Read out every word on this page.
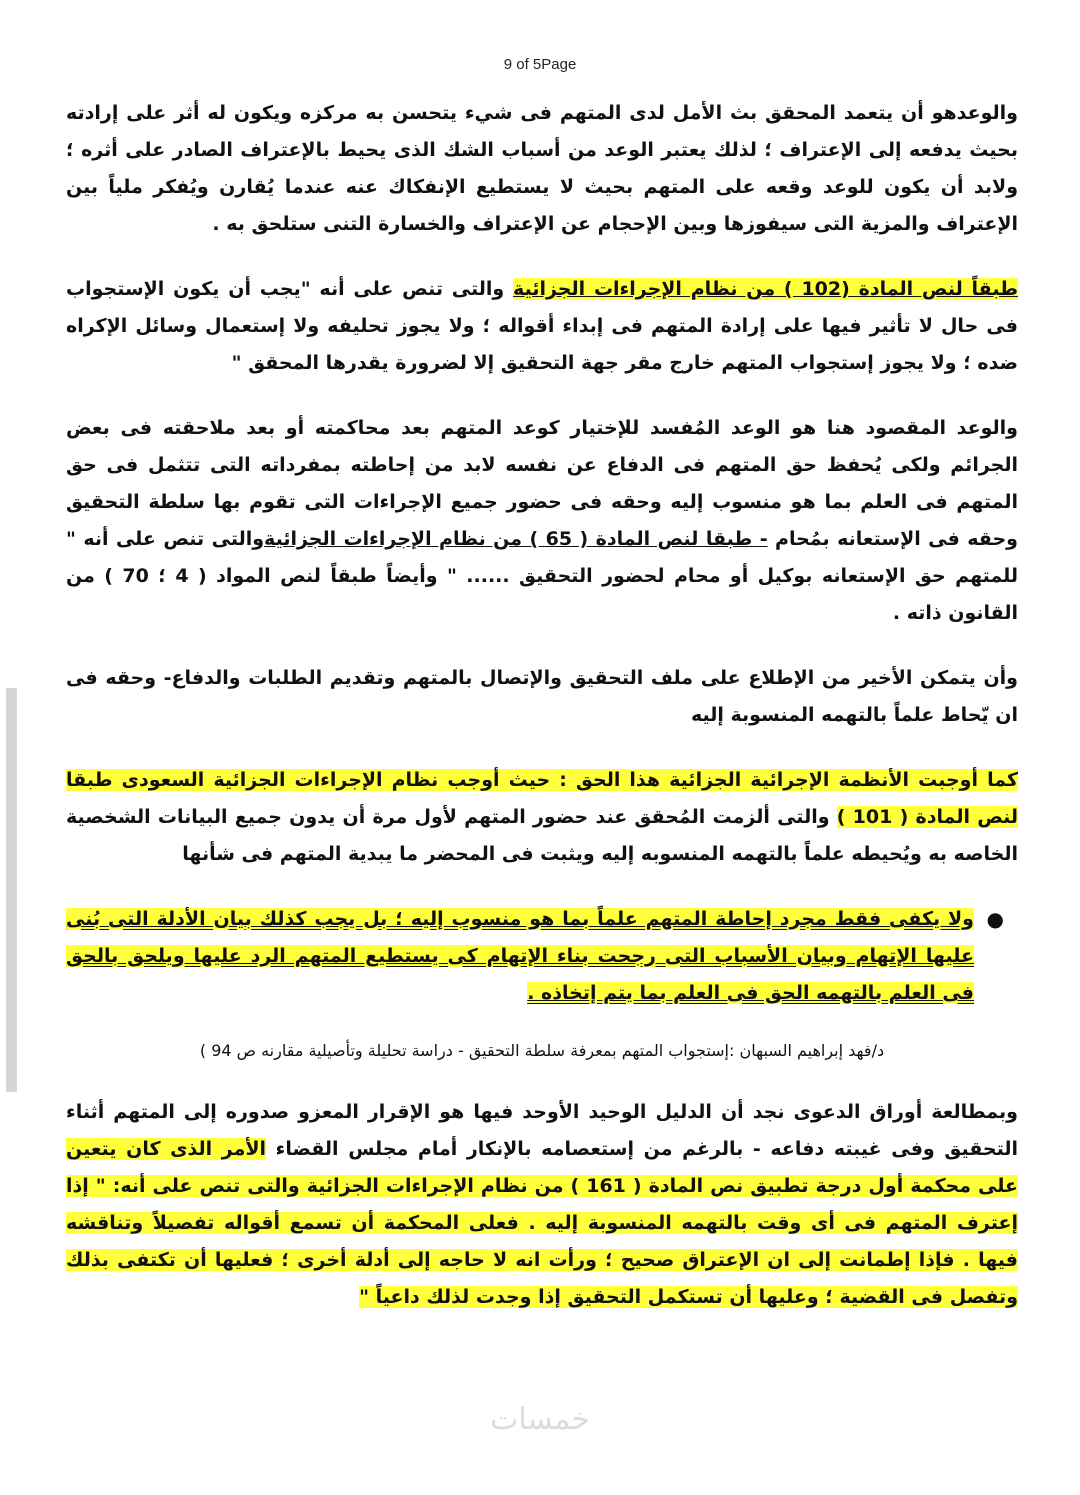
9 of 5Page

والوعدهو أن يتعمد المحقق بث الأمل لدى المتهم فى شيء يتحسن به مركزه ويكون له أثر على إرادته بحيث يدفعه إلى الإعتراف ؛ لذلك يعتبر الوعد من أسباب الشك الذى يحيط بالإعتراف الصادر على أثره ؛ ولابد أن يكون للوعد وقعه على المتهم بحيث لا يستطيع الإنفكاك عنه عندما يُقارن ويُفكر ملياً بين الإعتراف والمزية التى سيفوزها وبين الإحجام عن الإعتراف والخسارة التنى ستلحق به .

طبقاً لنص المادة (102 ) من نظام الإجراءات الجزائية والتى تنص على أنه "يجب أن يكون الإستجواب فى حال لا تأثير فيها على إرادة المتهم فى إبداء أقواله ؛ ولا يجوز تحليفه ولا إستعمال وسائل الإكراه ضده ؛ ولا يجوز إستجواب المتهم خارج مقر جهة التحقيق إلا لضرورة يقدرها المحقق "

والوعد المقصود هنا هو الوعد المُفسد للإختيار كوعد المتهم بعد محاكمته أو بعد ملاحقته فى بعض الجرائم ولكى يُحفظ حق المتهم فى الدفاع عن نفسه لابد من إحاطته بمفرداته التى تتثمل فى حق المتهم فى العلم بما هو منسوب إليه وحقه فى حضور جميع الإجراءات التى تقوم بها سلطة التحقيق وحقه فى الإستعانه بمُحام - طبقا لنص المادة ( 65 ) من نظام الإجراءات الجزائيةوالتى تنص على أنه " للمتهم حق الإستعانه بوكيل أو محام لحضور التحقيق ...... " وأيضاً طبقاً لنص المواد ( 4 ؛ 70 ) من القانون ذاته .

وأن يتمكن الأخير من الإطلاع على ملف التحقيق والإتصال بالمتهم وتقديم الطلبات والدفاع- وحقه فى ان يّحاط علماً بالتهمه المنسوبة إليه

كما أوجبت الأنظمة الإجرائية الجزائية هذا الحق : حيث أوجب نظام الإجراءات الجزائية السعودى طبقا لنص المادة ( 101 ) والتى ألزمت المُحقق عند حضور المتهم لأول مرة أن يدون جميع البيانات الشخصية الخاصه به ويُحيطه علماً بالتهمه المنسوبه إليه ويثبت فى المحضر ما يبدية المتهم فى شأنها

●
ولا يكفى فقط مجرد إحاطة المتهم علماً بما هو منسوب إليه ؛ بل يجب كذلك بيان الأدلة التى بُنى عليها الإتهام وبيان الأسباب التى رجحت بناء الإتهام كى يستطيع المتهم الرد عليها ويلحق بالحق فى العلم بالتهمه الحق فى العلم بما يتم إتخاذه .

د/فهد إبراهيم السبهان :إستجواب المتهم بمعرفة سلطة التحقيق - دراسة تحليلة وتأصيلية مقارنه ص 94 )

وبمطالعة أوراق الدعوى نجد أن الدليل الوحيد الأوحد فيها هو الإقرار المعزو صدوره إلى المتهم أثناء التحقيق وفى غيبته دفاعه - بالرغم من إستعصامه بالإنكار أمام مجلس القضاء الأمر الذى كان يتعين على محكمة أول درجة تطبيق نص المادة ( 161 ) من نظام الإجراءات الجزائية والتى تنص على أنه: " إذا إعترف المتهم فى أى وقت بالتهمه المنسوبة إليه . فعلى المحكمة أن تسمع أقواله تفصيلاً وتناقشه فيها . فإذا إطمانت إلى ان الإعتراق صحيح ؛ ورأت انه لا حاجه إلى أدلة أخرى ؛ فعليها أن تكتفى بذلك وتفصل فى القضية ؛ وعليها أن تستكمل التحقيق إذا وجدت لذلك داعياً "

خمسات
